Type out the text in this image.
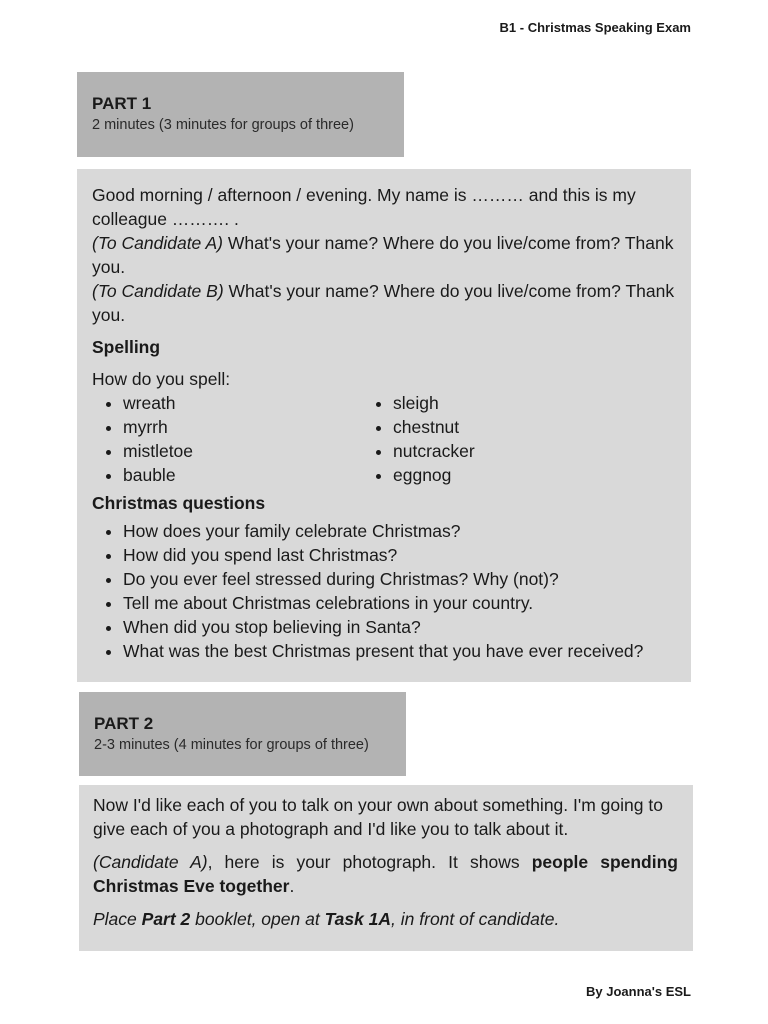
B1 - Christmas Speaking Exam
PART 1
2 minutes (3 minutes for groups of three)

Good morning / afternoon / evening. My name is ……… and this is my colleague ………. .

(To Candidate A) What's your name? Where do you live/come from? Thank you.

(To Candidate B) What's your name? Where do you live/come from? Thank you.

Spelling

How do you spell:

• wreath
• myrrh
• mistletoe
• bauble
• sleigh
• chestnut
• nutcracker
• eggnog

Christmas questions

• How does your family celebrate Christmas?
• How did you spend last Christmas?
• Do you ever feel stressed during Christmas? Why (not)?
• Tell me about Christmas celebrations in your country.
• When did you stop believing in Santa?
• What was the best Christmas present that you have ever received?
PART 2
2-3 minutes (4 minutes for groups of three)

Now I'd like each of you to talk on your own about something. I'm going to give each of you a photograph and I'd like you to talk about it.

(Candidate A), here is your photograph. It shows people spending Christmas Eve together.

Place Part 2 booklet, open at Task 1A, in front of candidate.

By Joanna's ESL
